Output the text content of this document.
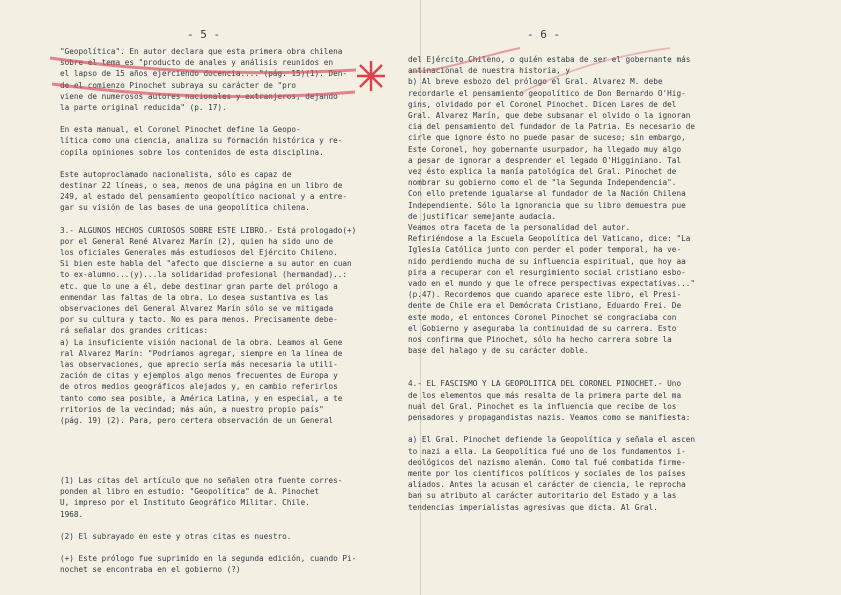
- 5 -	- 6 -

"Geopolítica". En autor declara que esta primera obra chilena

sobre el tema es "producto de anales y análisis reunidos en

el lapso de 15 años ejerciendo docencia...."(pág. 15)(1). Den-

de el comienzo Pinochet subraya su carácter de "pro

viene de numerosos autores nacionales y extranjeros, dejando

la parte original reducida" (p. 17).

En esta manual, el Coronel Pinochet define la Geopo-

lítica como una ciencia, analiza su formación histórica y re-

copila opiniones sobre los contenidos de esta disciplina.

Este autoproclamado nacionalista, sólo es capaz de

destinar 22 líneas, o sea, menos de una página en un libro de

249, al estado del pensamiento geopolítico nacional y a entre-

gar su visión de las bases de una geopolítica chilena.

3.- ALGUNOS HECHOS CURIOSOS SOBRE ESTE LIBRO.- Está prologado(+)

por el General René Alvarez Marín (2), quien ha sido uno de

los oficiales Generales más estudiosos del Ejército Chileno.

Si bien este habla del "afecto que discierne a su autor en cuan

to ex-alumno...(y)...la solidaridad profesional (hermandad)..:

etc. que lo une a él, debe destinar gran parte del prólogo a

enmendar las faltas de la obra. Lo desea sustantiva es las

observaciones del General Alvarez Marín sólo se ve mitigada

por su cultura y tacto. No es para menos. Precisamente debe-

rá señalar dos grandes críticas:

a) La insuficiente visión nacional de la obra. Leamos al Gene

ral Alvarez Marín: "Podríamos agregar, siempre en la línea de

las observaciones, que aprecio sería más necesaria la utili-

zación de citas y ejemplos algo menos frecuentes de Europa y

de otros medios geográficos alejados y, en cambio referirlos

tanto como sea posible, a América Latina, y en especial, a te

rritorios de la vecindad; más aún, a nuestro propio país"

(pág. 19) (2). Para, pero certera observación de un General

(1) Las citas del artículo que no señalen otra fuente corres-

ponden al libro en estudio: "Geopolítica" de A. Pinochet

U, impreso por el Instituto Geográfico Militar. Chile.

1968.

(2) El subrayado en este y otras citas es nuestro.

(+) Este prólogo fue suprimido en la segunda edición, cuando Pi-

nochet se encontraba en el gobierno (?)

del Ejército Chileno, o quién estaba de ser el gobernante más

antinacional de nuestra historia, y

b) Al breve esbozo del prólogo el Gral. Alvarez M. debe

recordarle el pensamiento geopolítico de Don Bernardo O'Hig-

gins, olvidado por el Coronel Pinochet. Dicen Lares de del

Gral. Alvarez Marín, que debe subsanar el olvido o la ignoran

cia del pensamiento del fundador de la Patria. Es necesario de

cirle que ignore ésto no puede pasar de suceso; sin embargo,

Este Coronel, hoy gobernante usurpador, ha llegado muy algo

a pesar de ignorar a desprender el legado O'Higginiano. Tal

vez ésto explica la manía patológica del Gral. Pinochet de

nombrar su gobierno como el de "la Segunda Independencia".

Con ello pretende igualarse al fundador de la Nación Chilena

Independiente. Sólo la ignorancia que su libro demuestra pue

de justificar semejante audacia.

Veamos otra faceta de la personalidad del autor.

Refiriéndose a la Escuela Geopolítica del Vaticano, dice: "La

Iglesia Católica junto con perder el poder temporal, ha ve-

nido perdiendo mucha de su influencia espiritual, que hoy aa

pira a recuperar con el resurgimiento social cristiano esbo-

vado en el mundo y que le ofrece perspectivas expectativas..."

(p.47). Recordemos que cuando aparece este libro, el Presi-

dente de Chile era el Demócrata Cristiano, Eduardo Frei. De

este modo, el entonces Coronel Pinochet se congraciaba con

el Gobierno y aseguraba la continuidad de su carrera. Esto

nos confirma que Pinochet, sólo ha hecho carrera sobre la

base del halago y de su carácter doble.

4.- EL FASCISMO Y LA GEOPOLITICA DEL CORONEL PINOCHET.- Uno

de los elementos que más resalta de la primera parte del ma

nual del Gral. Pinochet es la influencia que recibe de los

pensadores y propagandistas nazis. Veamos como se manifiesta:

a) El Gral. Pinochet defiende la Geopolítica y señala el ascen

to nazi a ella. La Geopolítica fué uno de los fundamentos i-

deológicos del nazismo alemán. Como tal fué combatida firme-

mente por los científicos políticos y sociales de los países

aliados. Antes la acusan el carácter de ciencia, le reprocha

ban su atributo al carácter autoritario del Estado y a las

tendencias imperialistas agresivas que dicta. Al Gral.
